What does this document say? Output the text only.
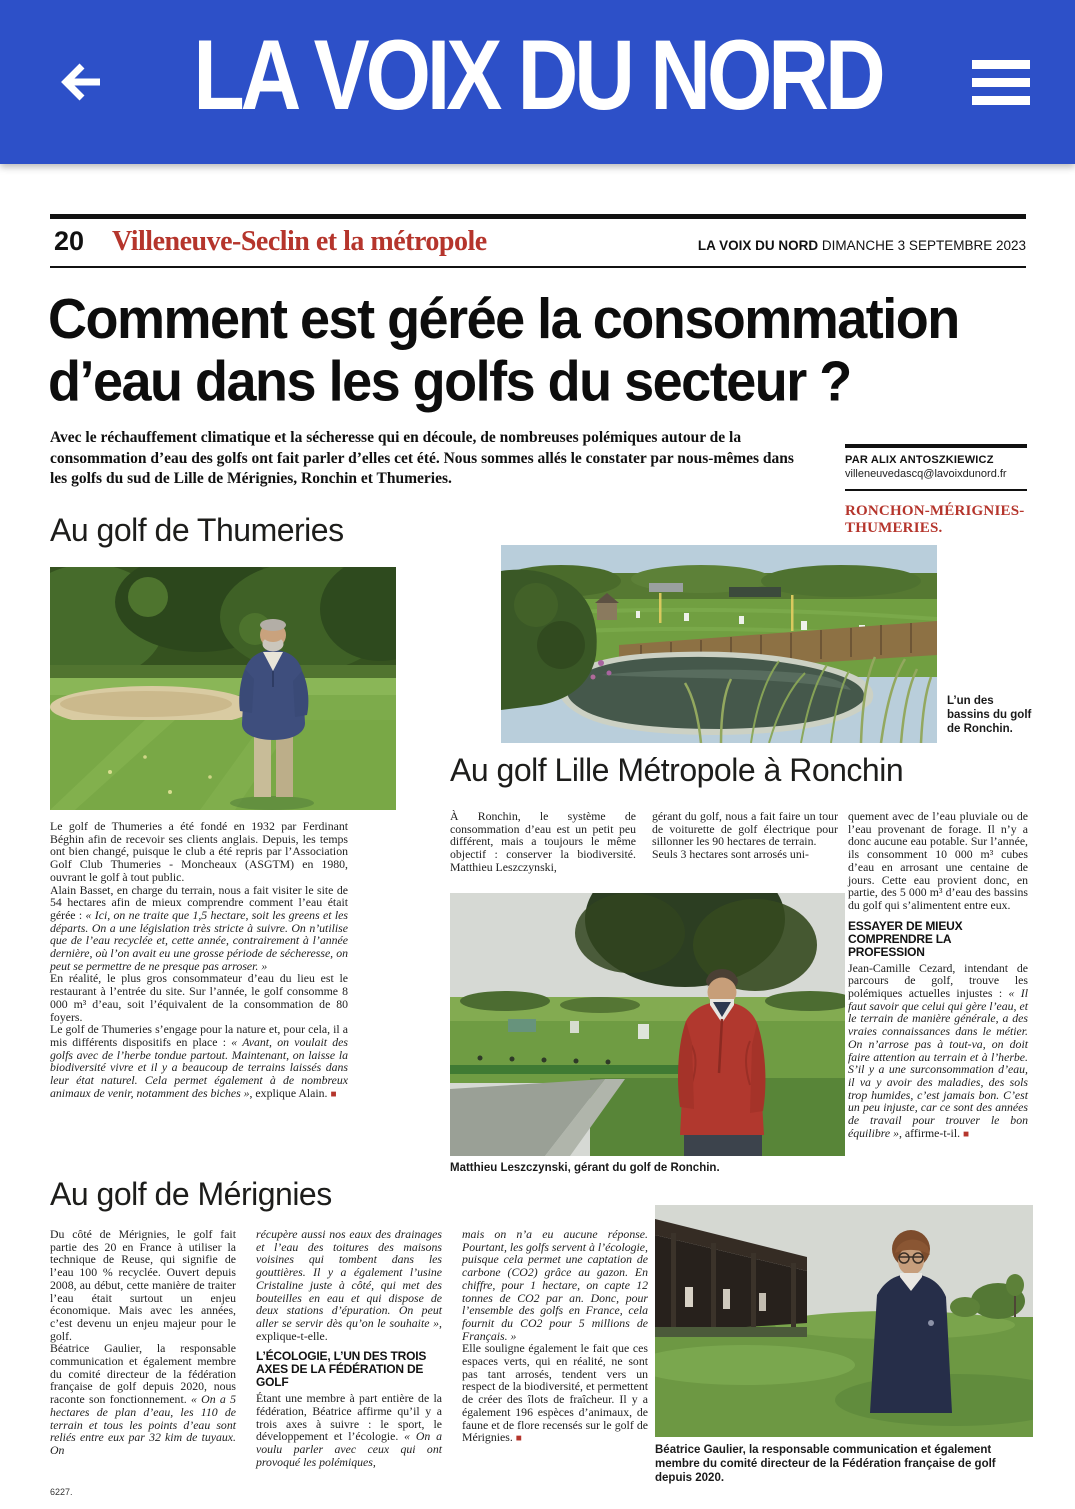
LA VOIX DU NORD
20 Villeneuve-Seclin et la métropole	LA VOIX DU NORD DIMANCHE 3 SEPTEMBRE 2023
Comment est gérée la consommation
d’eau dans les golfs du secteur ?
Avec le réchauffement climatique et la sécheresse qui en découle, de nombreuses polémiques autour de la consommation d’eau des golfs ont fait parler d’elles cet été. Nous sommes allés le constater par nous-mêmes dans les golfs du sud de Lille de Mérignies, Ronchin et Thumeries.
PAR ALIX ANTOSZKIEWICZ
villeneuvedascq@lavoixdunord.fr
RONCHON-MÉRIGNIES-THUMERIES.
Au golf de Thumeries

Le golf de Thumeries a été fondé en 1932 par Ferdinant Béghin afin de recevoir ses clients anglais. Depuis, les temps ont bien changé, puisque le club a été repris par l’Association Golf Club Thumeries - Moncheaux (ASGTM) en 1980, ouvrant le golf à tout public.

Alain Basset, en charge du terrain, nous a fait visiter le site de 54 hectares afin de mieux comprendre comment l’eau était gérée : « Ici, on ne traite que 1,5 hectare, soit les greens et les départs. On a une législation très stricte à suivre. On n’utilise que de l’eau recyclée et, cette année, contrairement à l’année dernière, où l’on avait eu une grosse période de sécheresse, on peut se permettre de ne presque pas arroser. »

En réalité, le plus gros consommateur d’eau du lieu est le restaurant à l’entrée du site. Sur l’année, le golf consomme 8 000 m³ d’eau, soit l’équivalent de la consommation de 80 foyers.

Le golf de Thumeries s’engage pour la nature et, pour cela, il a mis différents dispositifs en place : « Avant, on voulait des golfs avec de l’herbe tondue partout. Maintenant, on laisse la biodiversité vivre et il y a beaucoup de terrains laissés dans leur état naturel. Cela permet également à de nombreux animaux de venir, notamment des biches », explique Alain. ■

L’un des bassins du golf de Ronchin.
Au golf Lille Métropole à Ronchin

À Ronchin, le système de consommation d’eau est un petit peu différent, mais a toujours le même objectif : conserver la biodiversité. Matthieu Leszczynski,

gérant du golf, nous a fait faire un tour de voiturette de golf électrique pour sillonner les 90 hectares de terrain.

Seuls 3 hectares sont arrosés uni-

quement avec de l’eau pluviale ou de l’eau provenant de forage. Il n’y a donc aucune eau potable. Sur l’année, ils consomment 10 000 m³ cubes d’eau en arrosant une centaine de jours. Cette eau provient donc, en partie, des 5 000 m³ d’eau des bassins du golf qui s’alimentent entre eux.

ESSAYER DE MIEUX COMPRENDRE LA PROFESSION

Jean-Camille Cezard, intendant de parcours de golf, trouve les polémiques actuelles injustes : « Il faut savoir que celui qui gère l’eau, et le terrain de manière générale, a des vraies connaissances dans le métier. On n’arrose pas à tout-va, on doit faire attention au terrain et à l’herbe. S’il y a une surconsommation d’eau, il va y avoir des maladies, des sols trop humides, c’est jamais bon. C’est un peu injuste, car ce sont des années de travail pour trouver le bon équilibre », affirme-t-il. ■

Matthieu Leszczynski, gérant du golf de Ronchin.
Au golf de Mérignies

Du côté de Mérignies, le golf fait partie des 20 en France à utiliser la technique de Reuse, qui signifie de l’eau 100 % recyclée. Ouvert depuis 2008, au début, cette manière de traiter l’eau était surtout un enjeu économique. Mais avec les années, c’est devenu un enjeu majeur pour le golf.

Béatrice Gaulier, la responsable communication et également membre du comité directeur de la fédération française de golf depuis 2020, nous raconte son fonctionnement. « On a 5 hectares de plan d’eau, les 110 de terrain et tous les points d’eau sont reliés entre eux par 32 kim de tuyaux. On

récupère aussi nos eaux des drainages et l’eau des toitures des maisons voisines qui tombent dans les gouttières. Il y a également l’usine Cristaline juste à côté, qui met des bouteilles en eau et qui dispose de deux stations d’épuration. On peut aller se servir dès qu’on le souhaite », explique-t-elle.

L’ÉCOLOGIE, L’UN DES TROIS AXES DE LA FÉDÉRATION DE GOLF

Étant une membre à part entière de la fédération, Béatrice affirme qu’il y a trois axes à suivre : le sport, le développement et l’écologie. « On a voulu parler avec ceux qui ont provoqué les polémiques,

mais on n’a eu aucune réponse. Pourtant, les golfs servent à l’écologie, puisque cela permet une captation de carbone (CO2) grâce au gazon. En chiffre, pour 1 hectare, on capte 12 tonnes de CO2 par an. Donc, pour l’ensemble des golfs en France, cela fournit du CO2 pour 5 millions de Français. »

Elle souligne également le fait que ces espaces verts, qui en réalité, ne sont pas tant arrosés, tendent vers un respect de la biodiversité, et permettent de créer des îlots de fraîcheur. Il y a également 196 espèces d’animaux, de faune et de flore recensés sur le golf de Mérignies. ■

Béatrice Gaulier, la responsable communication et également membre du comité directeur de la Fédération française de golf depuis 2020.
6227.
